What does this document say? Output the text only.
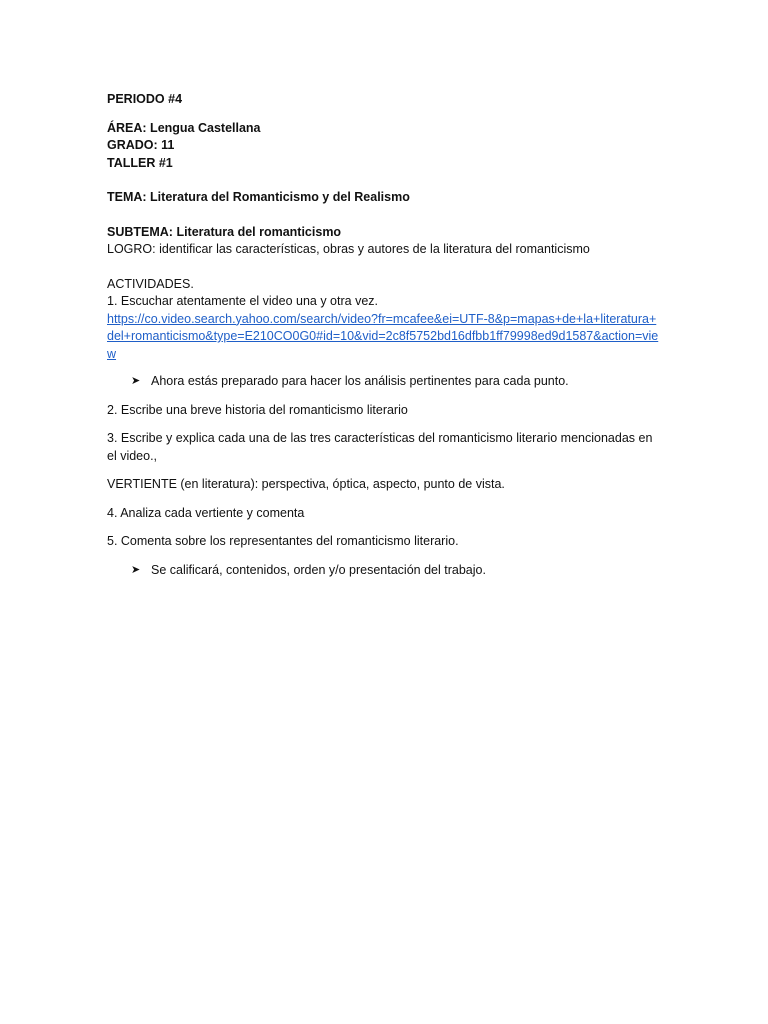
PERIODO #4
ÁREA: Lengua Castellana
GRADO: 11
TALLER #1
TEMA: Literatura del Romanticismo y del Realismo
SUBTEMA: Literatura del romanticismo
LOGRO: identificar las características, obras y autores de la literatura del romanticismo
ACTIVIDADES.
1. Escuchar atentamente el video una y otra vez.
https://co.video.search.yahoo.com/search/video?fr=mcafee&ei=UTF-8&p=mapas+de+la+literatura+del+romanticismo&type=E210CO0G0#id=10&vid=2c8f5752bd16dfbb1ff79998ed9d1587&action=view
➤ Ahora estás preparado para hacer los análisis pertinentes para cada punto.
2. Escribe una breve historia del romanticismo literario
3. Escribe y explica cada una de las tres características del romanticismo literario mencionadas en el video.,
VERTIENTE (en literatura): perspectiva, óptica, aspecto, punto de vista.
4. Analiza cada vertiente y comenta
5. Comenta sobre los representantes del romanticismo literario.
➤ Se calificará, contenidos, orden y/o presentación del trabajo.
